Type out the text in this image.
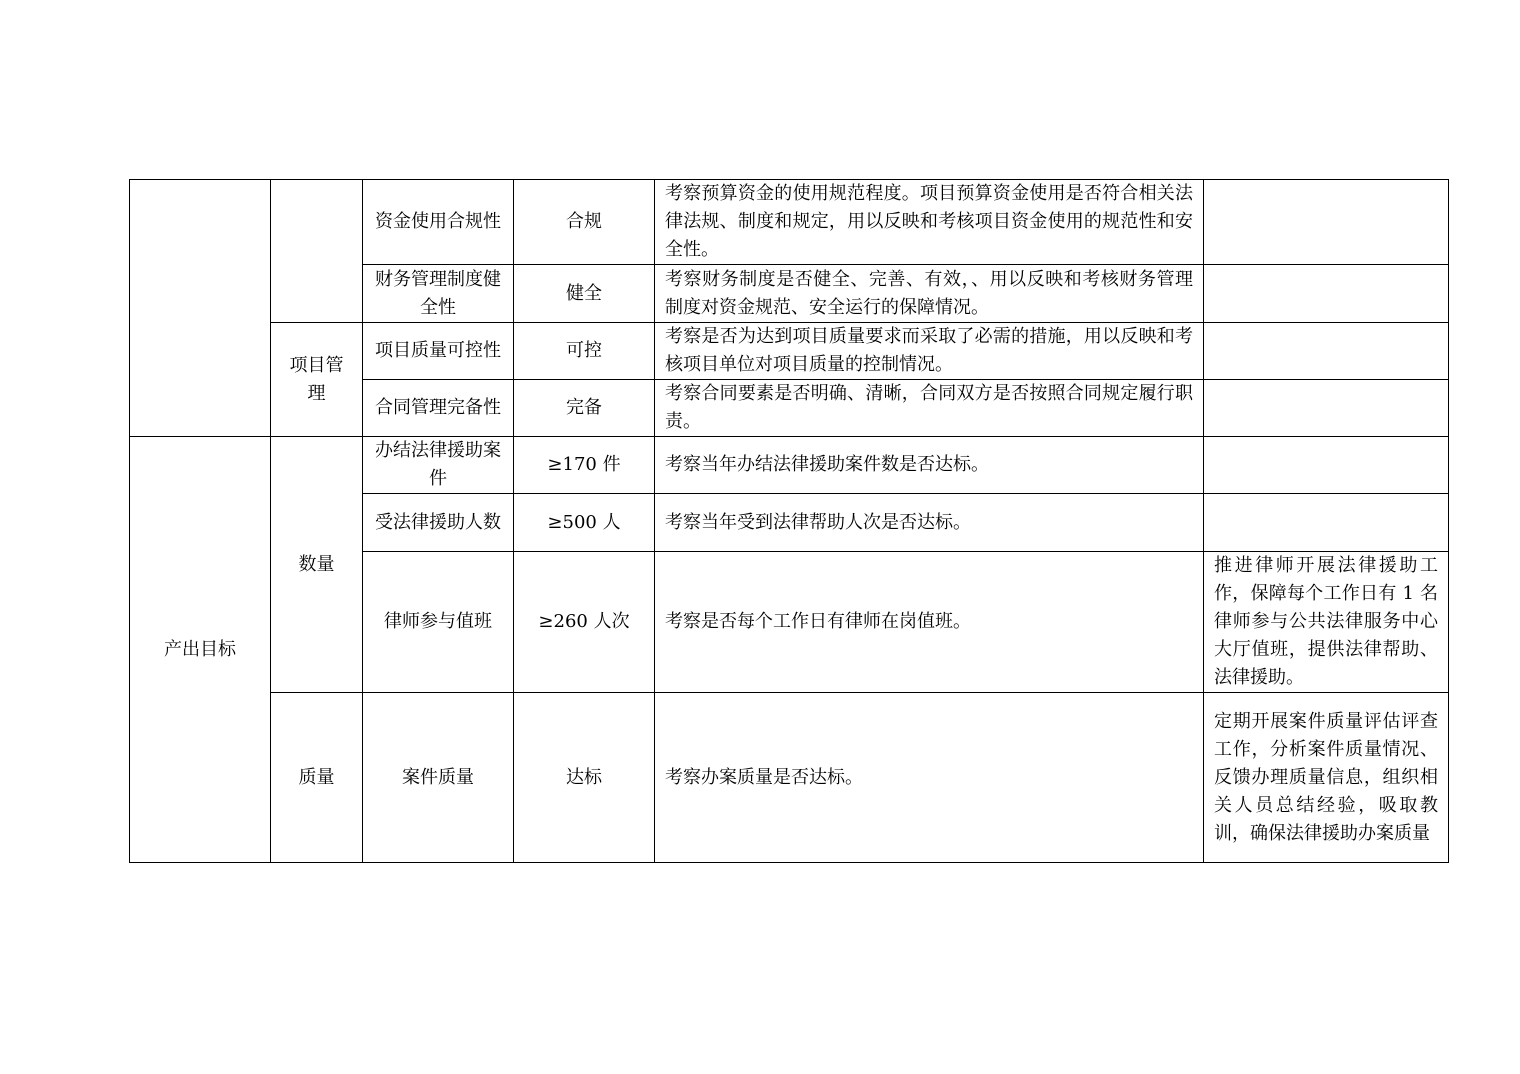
		资金使用合规性	合规	考察预算资金的使用规范程度。项目预算资金使用是否符合相关法律法规、制度和规定，用以反映和考核项目资金使用的规范性和安全性。	
		财务管理制度健全性	健全	考察财务制度是否健全、完善、有效，、用以反映和考核财务管理制度对资金规范、安全运行的保障情况。	
	项目管理	项目质量可控性	可控	考察是否为达到项目质量要求而采取了必需的措施，用以反映和考核项目单位对项目质量的控制情况。	
		合同管理完备性	完备	考察合同要素是否明确、清晰，合同双方是否按照合同规定履行职责。	
产出目标	数量	办结法律援助案件	≥170 件	考察当年办结法律援助案件数是否达标。	
		受法律援助人数	≥500 人	考察当年受到法律帮助人次是否达标。	
		律师参与值班	≥260 人次	考察是否每个工作日有律师在岗值班。	推进律师开展法律援助工作，保障每个工作日有 1 名律师参与公共法律服务中心大厅值班，提供法律帮助、法律援助。
	质量	案件质量	达标	考察办案质量是否达标。	定期开展案件质量评估评查工作，分析案件质量情况、反馈办理质量信息，组织相关人员总结经验，吸取教训，确保法律援助办案质量
